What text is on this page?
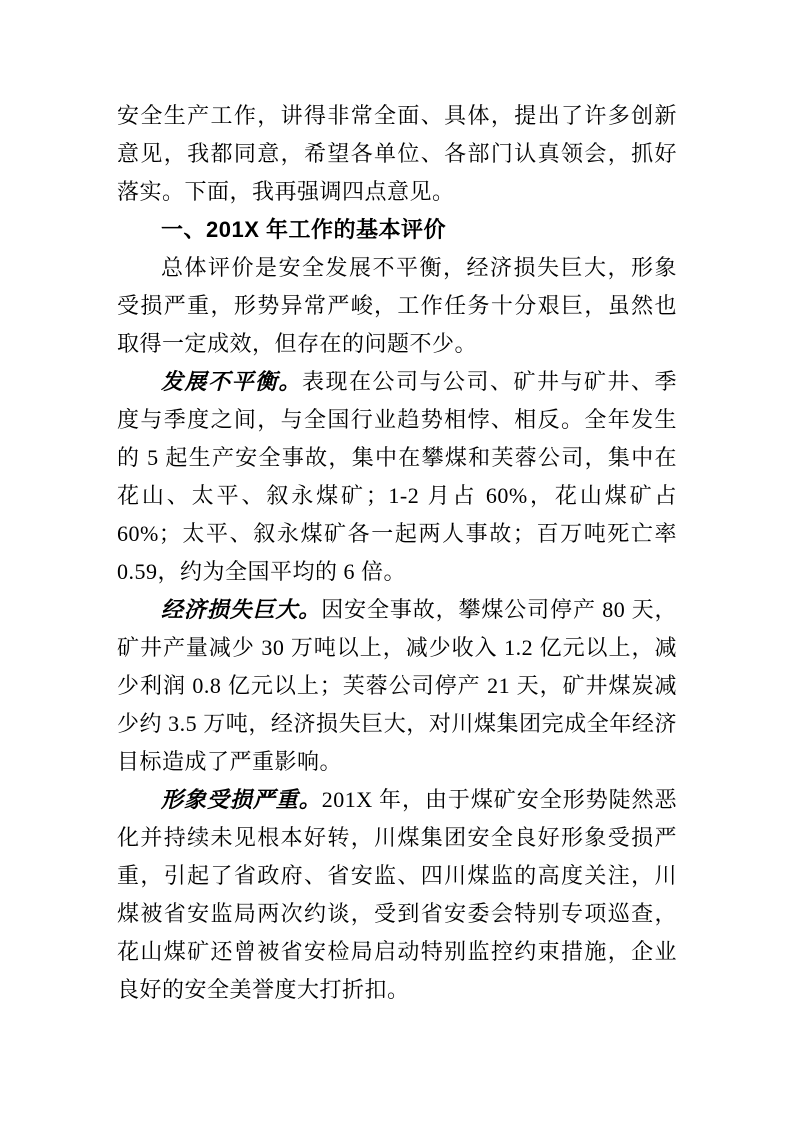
安全生产工作，讲得非常全面、具体，提出了许多创新意见，我都同意，希望各单位、各部门认真领会，抓好落实。下面，我再强调四点意见。

一、201X 年工作的基本评价

总体评价是安全发展不平衡，经济损失巨大，形象受损严重，形势异常严峻，工作任务十分艰巨，虽然也取得一定成效，但存在的问题不少。

发展不平衡。表现在公司与公司、矿井与矿井、季度与季度之间，与全国行业趋势相悖、相反。全年发生的 5 起生产安全事故，集中在攀煤和芙蓉公司，集中在花山、太平、叙永煤矿；1-2 月占 60%，花山煤矿占 60%；太平、叙永煤矿各一起两人事故；百万吨死亡率 0.59，约为全国平均的 6 倍。

经济损失巨大。因安全事故，攀煤公司停产 80 天，矿井产量减少 30 万吨以上，减少收入 1.2 亿元以上，减少利润 0.8 亿元以上；芙蓉公司停产 21 天，矿井煤炭减少约 3.5 万吨，经济损失巨大，对川煤集团完成全年经济目标造成了严重影响。

形象受损严重。201X 年，由于煤矿安全形势陡然恶化并持续未见根本好转，川煤集团安全良好形象受损严重，引起了省政府、省安监、四川煤监的高度关注，川煤被省安监局两次约谈，受到省安委会特别专项巡查，花山煤矿还曾被省安检局启动特别监控约束措施，企业良好的安全美誉度大打折扣。
